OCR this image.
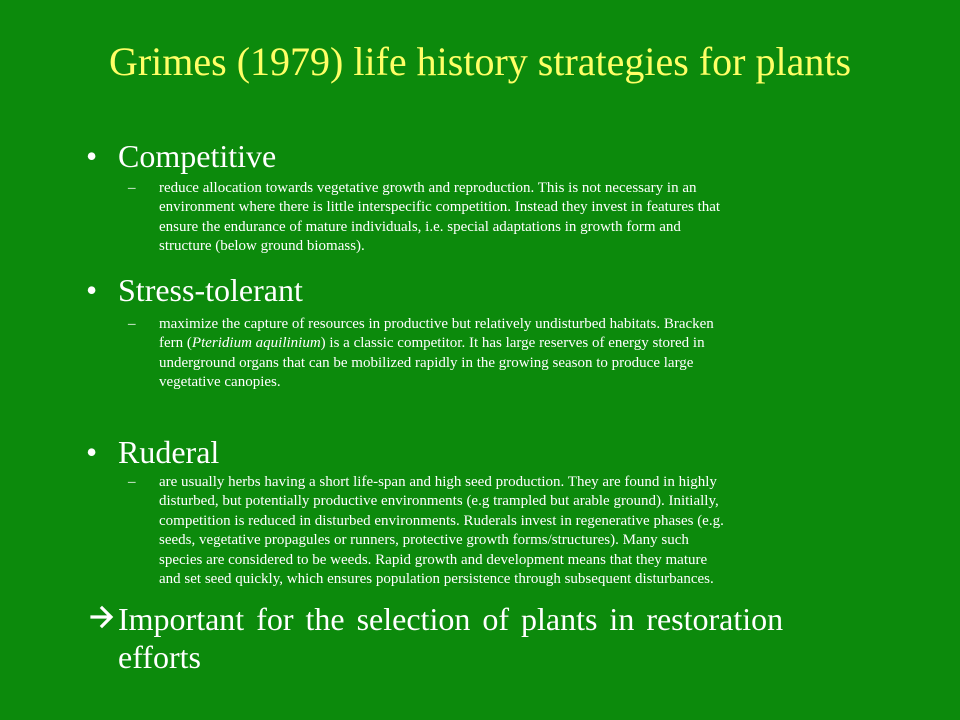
Grimes (1979) life history strategies for plants
• Competitive
– reduce allocation towards vegetative growth and reproduction. This is not necessary in an
environment where there is little interspecific competition. Instead they invest in features that
ensure the endurance of mature individuals, i.e. special adaptations in growth form and
structure (below ground biomass).
• Stress-tolerant
– maximize the capture of resources in productive but relatively undisturbed habitats. Bracken
fern (Pteridium aquilinium) is a classic competitor. It has large reserves of energy stored in
underground organs that can be mobilized rapidly in the growing season to produce large
vegetative canopies.
• Ruderal
– are usually herbs having a short life-span and high seed production. They are found in highly
disturbed, but potentially productive environments (e.g trampled but arable ground). Initially,
competition is reduced in disturbed environments. Ruderals invest in regenerative phases (e.g.
seeds, vegetative propagules or runners, protective growth forms/structures). Many such
species are considered to be weeds. Rapid growth and development means that they mature
and set seed quickly, which ensures population persistence through subsequent disturbances.
Important for the selection of plants in restoration efforts
